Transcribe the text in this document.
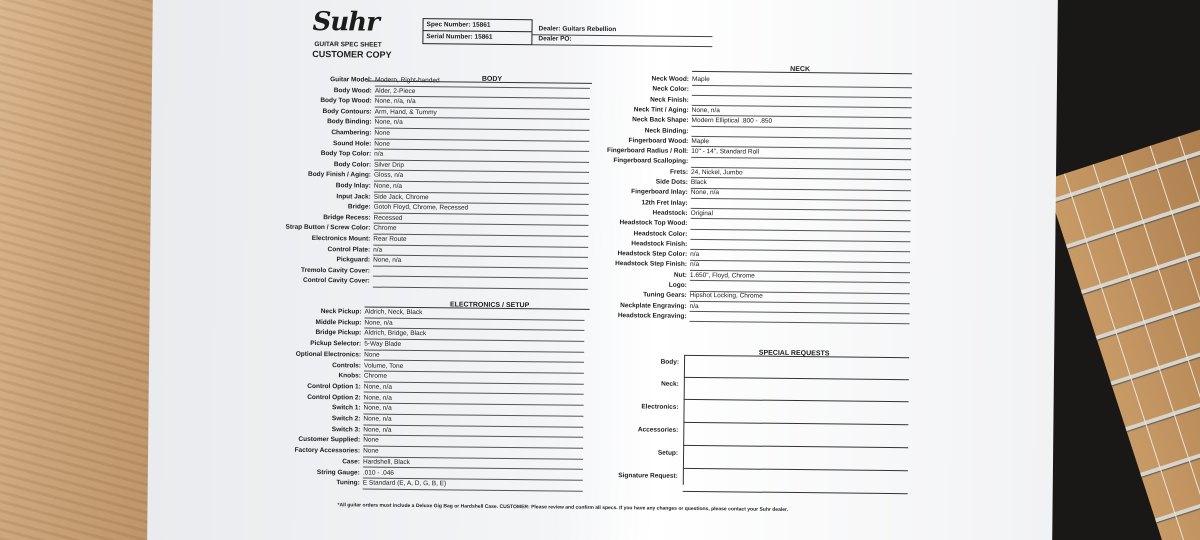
Suhr
GUITAR SPEC SHEET
CUSTOMER COPY
Spec Number: 15861
Serial Number: 15861
Dealer: Guitars Rebellion
Dealer PO:
BODY
NECK
ELECTRONICS / SETUP
SPECIAL REQUESTS
Guitar Model: Modern, Right-handed
Body Wood: Alder, 2-Piece
Body Top Wood: None, n/a, n/a
Body Contours: Arm, Hand, & Tummy
Body Binding: None, n/a
Chambering: None
Sound Hole: None
Body Top Color: n/a
Body Color: Silver Drip
Body Finish / Aging: Gloss, n/a
Body Inlay: None, n/a
Input Jack: Side Jack, Chrome
Bridge: Gotoh Floyd, Chrome, Recessed
Bridge Recess: Recessed
Strap Button / Screw Color: Chrome
Electronics Mount: Rear Route
Control Plate: n/a
Pickguard: None, n/a
Tremolo Cavity Cover:
Control Cavity Cover:
Neck Pickup: Aldrich, Neck, Black
Middle Pickup: None, n/a
Bridge Pickup: Aldrich, Bridge, Black
Pickup Selector: 5-Way Blade
Optional Electronics: None
Controls: Volume, Tone
Knobs: Chrome
Control Option 1: None, n/a
Control Option 2: None, n/a
Switch 1: None, n/a
Switch 2: None, n/a
Switch 3: None, n/a
Customer Supplied: None
Factory Accessories: None
Case: Hardshell, Black
String Gauge: .010 - .046
Tuning: E Standard (E, A, D, G, B, E)
Neck Wood: Maple
Neck Color:
Neck Finish:
Neck Tint / Aging: None, n/a
Neck Back Shape: Modern Elliptical .800 - .850
Neck Binding:
Fingerboard Wood: Maple
Fingerboard Radius / Roll: 10" - 14", Standard Roll
Fingerboard Scalloping:
Frets: 24, Nickel, Jumbo
Side Dots: Black
Fingerboard Inlay: None, n/a
12th Fret Inlay:
Headstock: Original
Headstock Top Wood:
Headstock Color:
Headstock Finish:
Headstock Step Color: n/a
Headstock Step Finish: n/a
Nut: 1.650", Floyd, Chrome
Logo:
Tuning Gears: Hipshot Locking, Chrome
Neckplate Engraving: n/a
Headstock Engraving:
Body:
Neck:
Electronics:
Accessories:
Setup:
Signature Request:
*All guitar orders must include a Deluxe Gig Bag or Hardshell Case. CUSTOMER: Please review and confirm all specs. If you have any changes or questions, please contact your Suhr dealer.
